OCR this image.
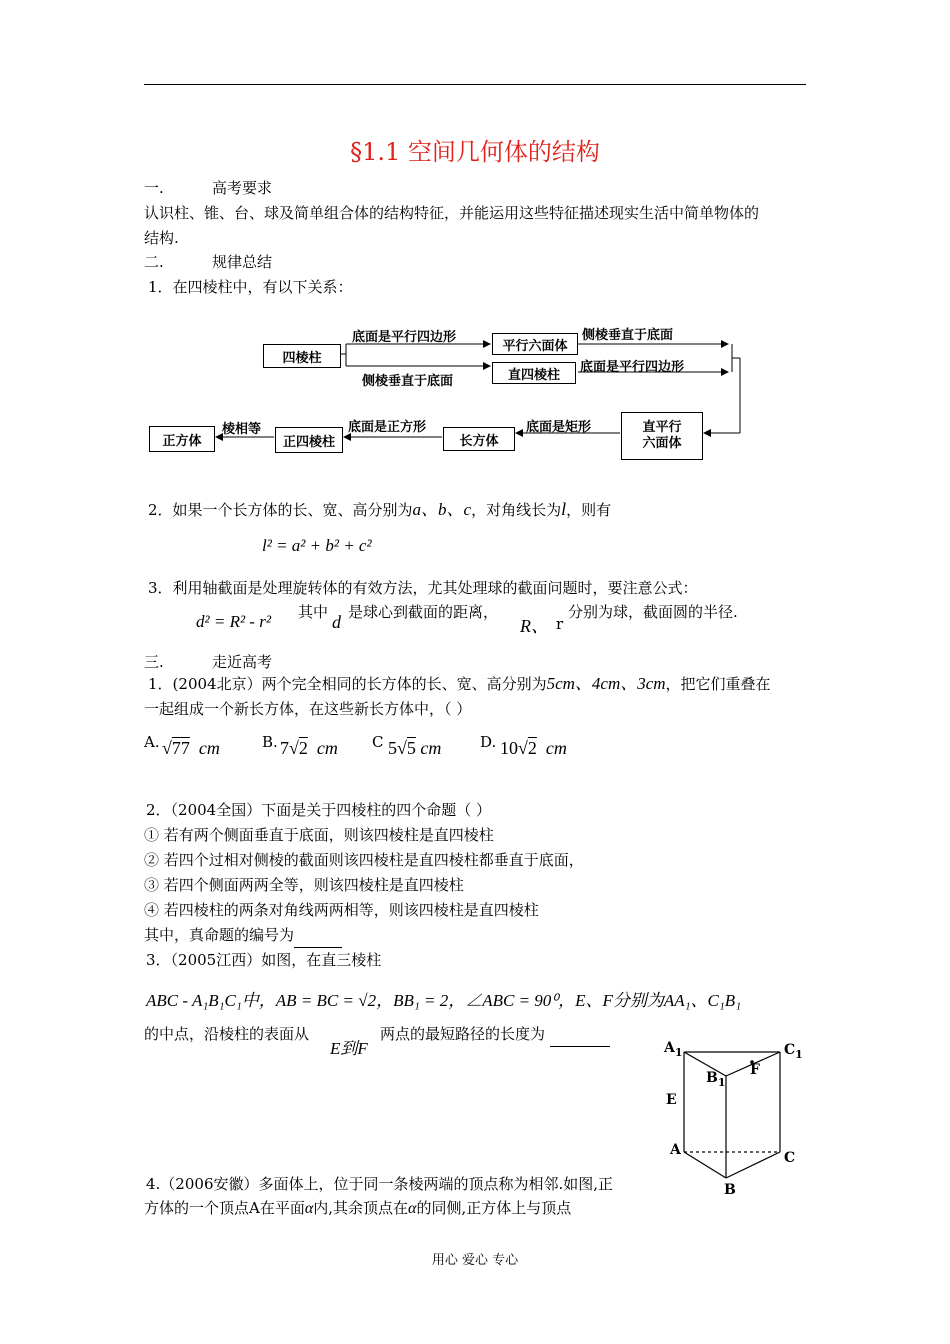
§1.1 空间几何体的结构
一.	高考要求
认识柱、锥、台、球及简单组合体的结构特征，并能运用这些特征描述现实生活中简单物体的
结构.
二.	规律总结
1．在四棱柱中，有以下关系：
四棱柱
平行六面体
直四棱柱
直平行六面体
长方体
正四棱柱
正方体
底面是平行四边形
侧棱垂直于底面
侧棱垂直于底面
底面是平行四边形
底面是矩形
底面是正方形
棱相等
2．如果一个长方体的长、宽、高分别为a、b、c，对角线长为l，则有
l² = a² + b² + c²
3．利用轴截面是处理旋转体的有效方法，尤其处理球的截面问题时，要注意公式：
d² = R² - r² 其中 d 是球心到截面的距离，
R、 r
分别为球，截面圆的半径.
三.	走近高考
1．(2004北京）两个完全相同的长方体的长、宽、高分别为5cm、4cm、3cm，把它们重叠在
一起组成一个新长方体，在这些新长方体中，（ ）
A. √77 cm	B. 7√2 cm C 5√5 cm	D. 10√2 cm
2．（2004全国）下面是关于四棱柱的四个命题（ ）
① 若有两个侧面垂直于底面，则该四棱柱是直四棱柱
② 若四个过相对侧棱的截面则该四棱柱是直四棱柱都垂直于底面，
③ 若四个侧面两两全等，则该四棱柱是直四棱柱
④ 若四棱柱的两条对角线两两相等，则该四棱柱是直四棱柱
其中，真命题的编号为
3．（2005江西）如图，在直三棱柱
ABC - A₁B₁C₁中，AB = BC = √2，BB₁ = 2，∠ABC = 90⁰，E、F分别为AA₁、C₁B₁
的中点，沿棱柱的表面从
E到F
两点的最短路径的长度为
$A_1$	$C_1$
$B_1$
F
E
A	C
B
4.（2006安徽）多面体上，位于同一条棱两端的顶点称为相邻.如图,正
方体的一个顶点A在平面α内,其余顶点在α的同侧,正方体上与顶点
用心 爱心 专心
